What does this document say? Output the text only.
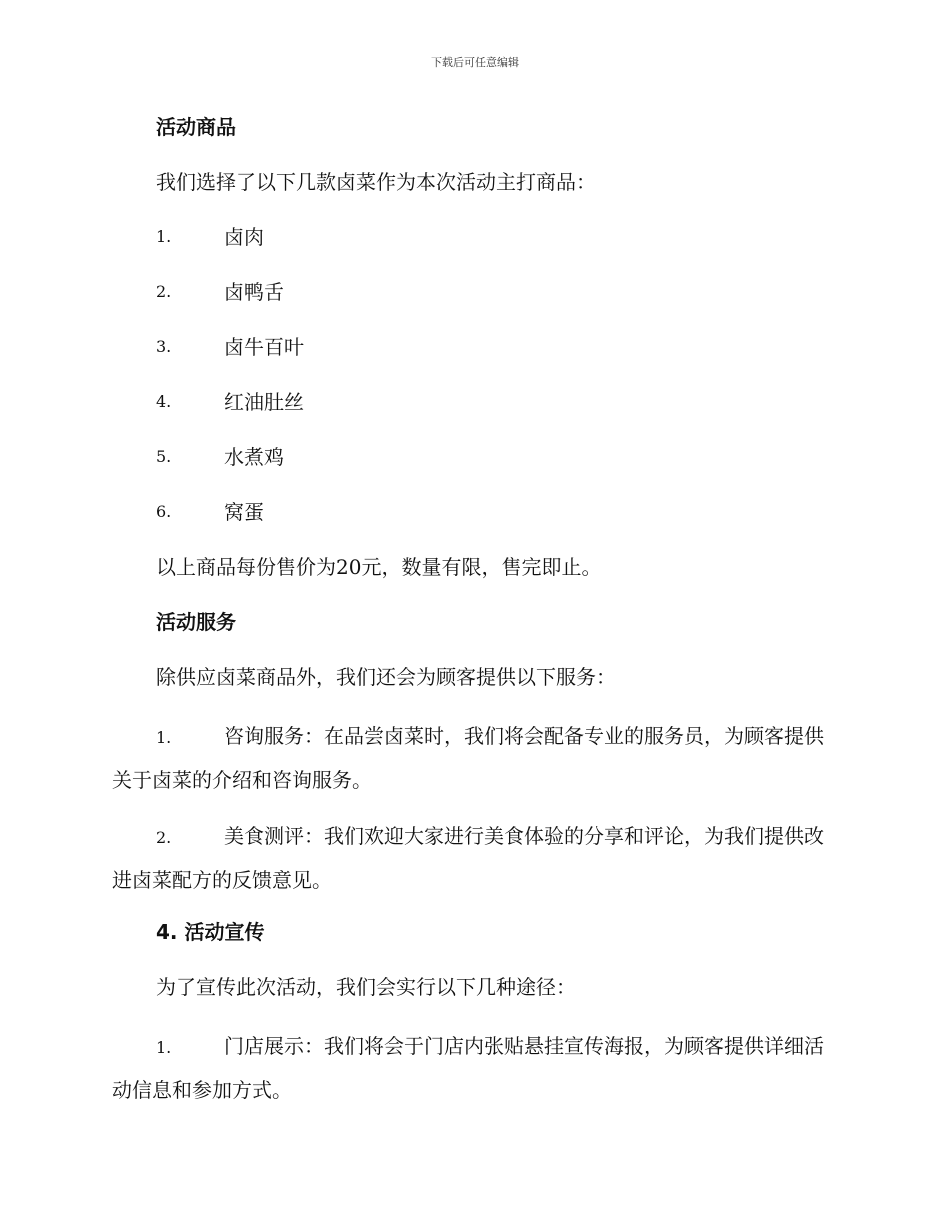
下载后可任意编辑
活动商品
我们选择了以下几款卤菜作为本次活动主打商品：
1.	卤肉
2.	卤鸭舌
3.	卤牛百叶
4.	红油肚丝
5.	水煮鸡
6.	窝蛋
以上商品每份售价为20元，数量有限，售完即止。
活动服务
除供应卤菜商品外，我们还会为顾客提供以下服务：
1.	咨询服务：在品尝卤菜时，我们将会配备专业的服务员，为顾客提供关于卤菜的介绍和咨询服务。
2.	美食测评：我们欢迎大家进行美食体验的分享和评论，为我们提供改进卤菜配方的反馈意见。
4. 活动宣传
为了宣传此次活动，我们会实行以下几种途径：
1.	门店展示：我们将会于门店内张贴悬挂宣传海报，为顾客提供详细活动信息和参加方式。
